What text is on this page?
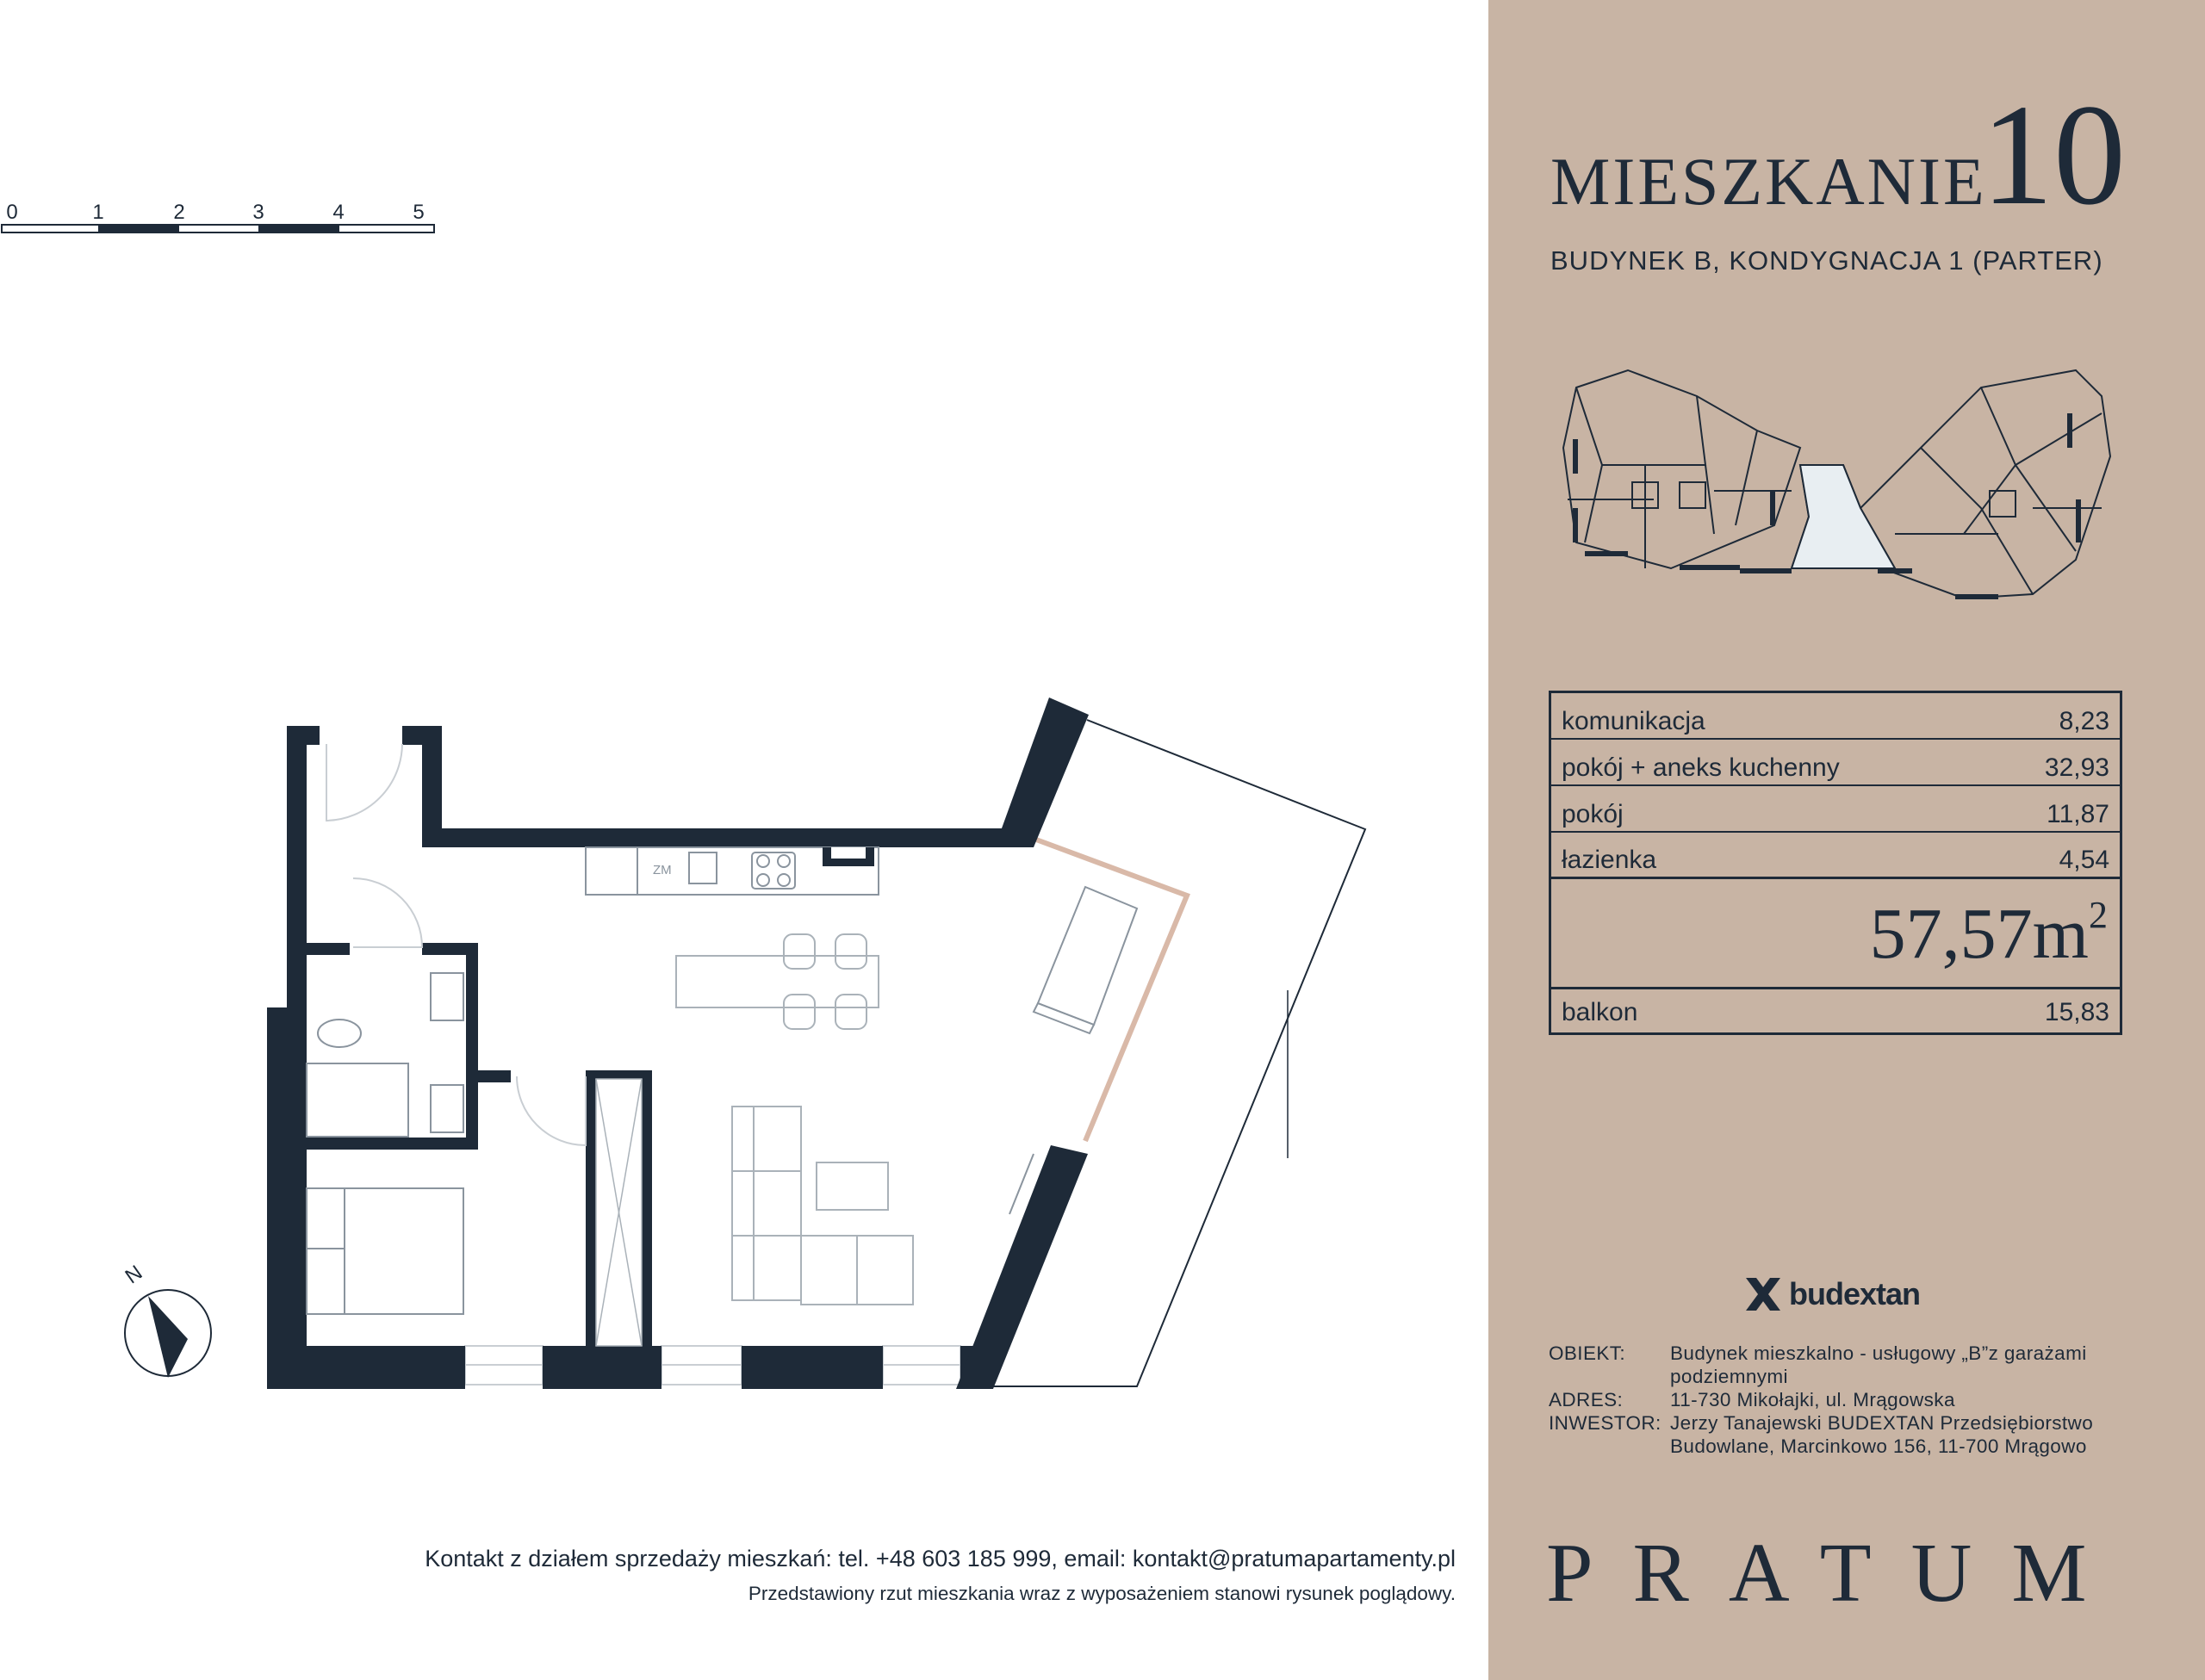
0	1	2	3	4	5
ZM
N
Kontakt z działem sprzedaży mieszkań: tel. +48 603 185 999, email: kontakt@pratumapartamenty.pl
Przedstawiony rzut mieszkania wraz z wyposażeniem stanowi rysunek poglądowy.
MIESZKANIE
10
BUDYNEK B, KONDYGNACJA 1 (PARTER)
komunikacja	8,23
pokój + aneks kuchenny	32,93
pokój	11,87
łazienka	4,54
$57,57m^2$
balkon	15,83
budextan
OBIEKT:	Budynek mieszkalno - usługowy „B”z garażami
podziemnymi
ADRES:	11-730 Mikołajki, ul. Mrągowska
INWESTOR: Jerzy Tanajewski BUDEXTAN Przedsiębiorstwo
Budowlane, Marcinkowo 156, 11-700 Mrągowo
PRATUM
